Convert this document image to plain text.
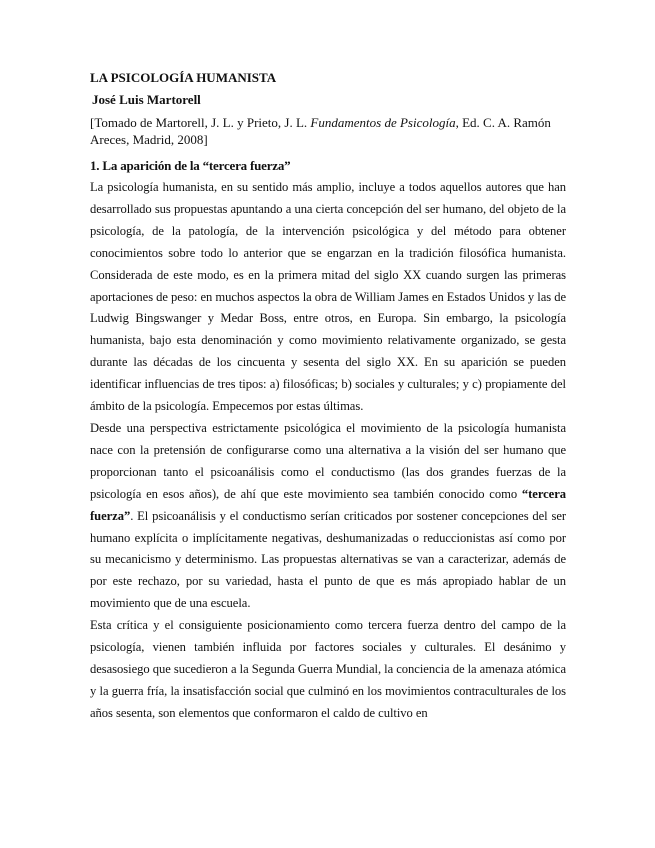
LA PSICOLOGÍA HUMANISTA
José Luis Martorell
[Tomado de Martorell, J. L. y Prieto, J. L. Fundamentos de Psicología, Ed. C. A. Ramón Areces, Madrid, 2008]
1. La aparición de la “tercera fuerza”

La psicología humanista, en su sentido más amplio, incluye a todos aquellos autores que han desarrollado sus propuestas apuntando a una cierta concepción del ser humano, del objeto de la psicología, de la patología, de la intervención psicológica y del método para obtener conocimientos sobre todo lo anterior que se engarzan en la tradición filosófica humanista. Considerada de este modo, es en la primera mitad del siglo XX cuando surgen las primeras aportaciones de peso: en muchos aspectos la obra de William James en Estados Unidos y las de Ludwig Bingswanger y Medar Boss, entre otros, en Europa. Sin embargo, la psicología humanista, bajo esta denominación y como movimiento relativamente organizado, se gesta durante las décadas de los cincuenta y sesenta del siglo XX. En su aparición se pueden identificar influencias de tres tipos: a) filosóficas; b) sociales y culturales; y c) propiamente del ámbito de la psicología. Empecemos por estas últimas.

Desde una perspectiva estrictamente psicológica el movimiento de la psicología humanista nace con la pretensión de configurarse como una alternativa a la visión del ser humano que proporcionan tanto el psicoanálisis como el conductismo (las dos grandes fuerzas de la psicología en esos años), de ahí que este movimiento sea también conocido como “tercera fuerza”. El psicoanálisis y el conductismo serían criticados por sostener concepciones del ser humano explícita o implícitamente negativas, deshumanizadas o reduccionistas así como por su mecanicismo y determinismo. Las propuestas alternativas se van a caracterizar, además de por este rechazo, por su variedad, hasta el punto de que es más apropiado hablar de un movimiento que de una escuela.

Esta crítica y el consiguiente posicionamiento como tercera fuerza dentro del campo de la psicología, vienen también influida por factores sociales y culturales. El desánimo y desasosiego que sucedieron a la Segunda Guerra Mundial, la conciencia de la amenaza atómica y la guerra fría, la insatisfacción social que culminó en los movimientos contraculturales de los años sesenta, son elementos que conformaron el caldo de cultivo en
